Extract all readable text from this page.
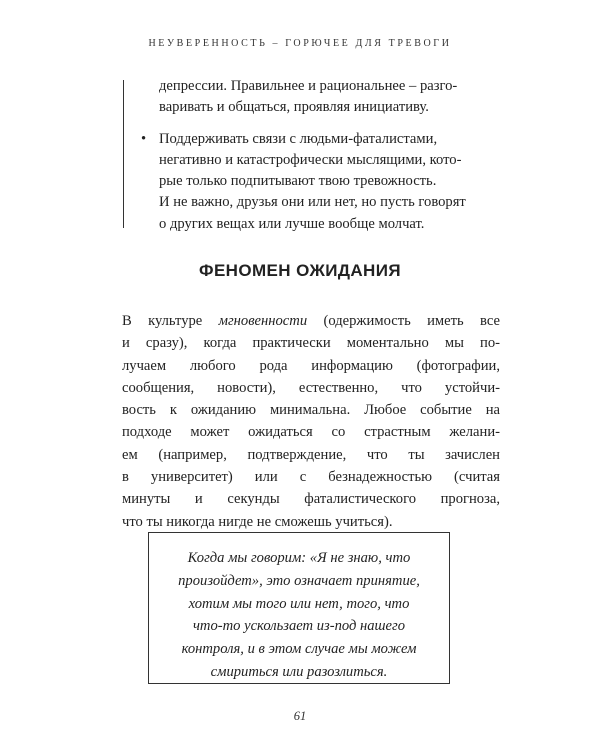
НЕУВЕРЕННОСТЬ – ГОРЮЧЕЕ ДЛЯ ТРЕВОГИ

депрессии. Правильнее и рациональнее – разго-
варивать и общаться, проявляя инициативу.

• Поддерживать связи с людьми-фаталистами,
негативно и катастрофически мыслящими, кото-
рые только подпитывают твою тревожность.
И не важно, друзья они или нет, но пусть говорят
о других вещах или лучше вообще молчат.
ФЕНОМЕН ОЖИДАНИЯ
В культуре мгновенности (одержимость иметь все
и сразу), когда практически моментально мы по-
лучаем любого рода информацию (фотографии,
сообщения, новости), естественно, что устойчи-
вость к ожиданию минимальна. Любое событие на
подходе может ожидаться со страстным желани-
ем (например, подтверждение, что ты зачислен
в университет) или с безнадежностью (считая
минуты и секунды фаталистического прогноза,
что ты никогда нигде не сможешь учиться).
Когда мы говорим: «Я не знаю, что
произойдет», это означает принятие,
хотим мы того или нет, того, что
что-то ускользает из-под нашего
контроля, и в этом случае мы можем
смириться или разозлиться.
61
